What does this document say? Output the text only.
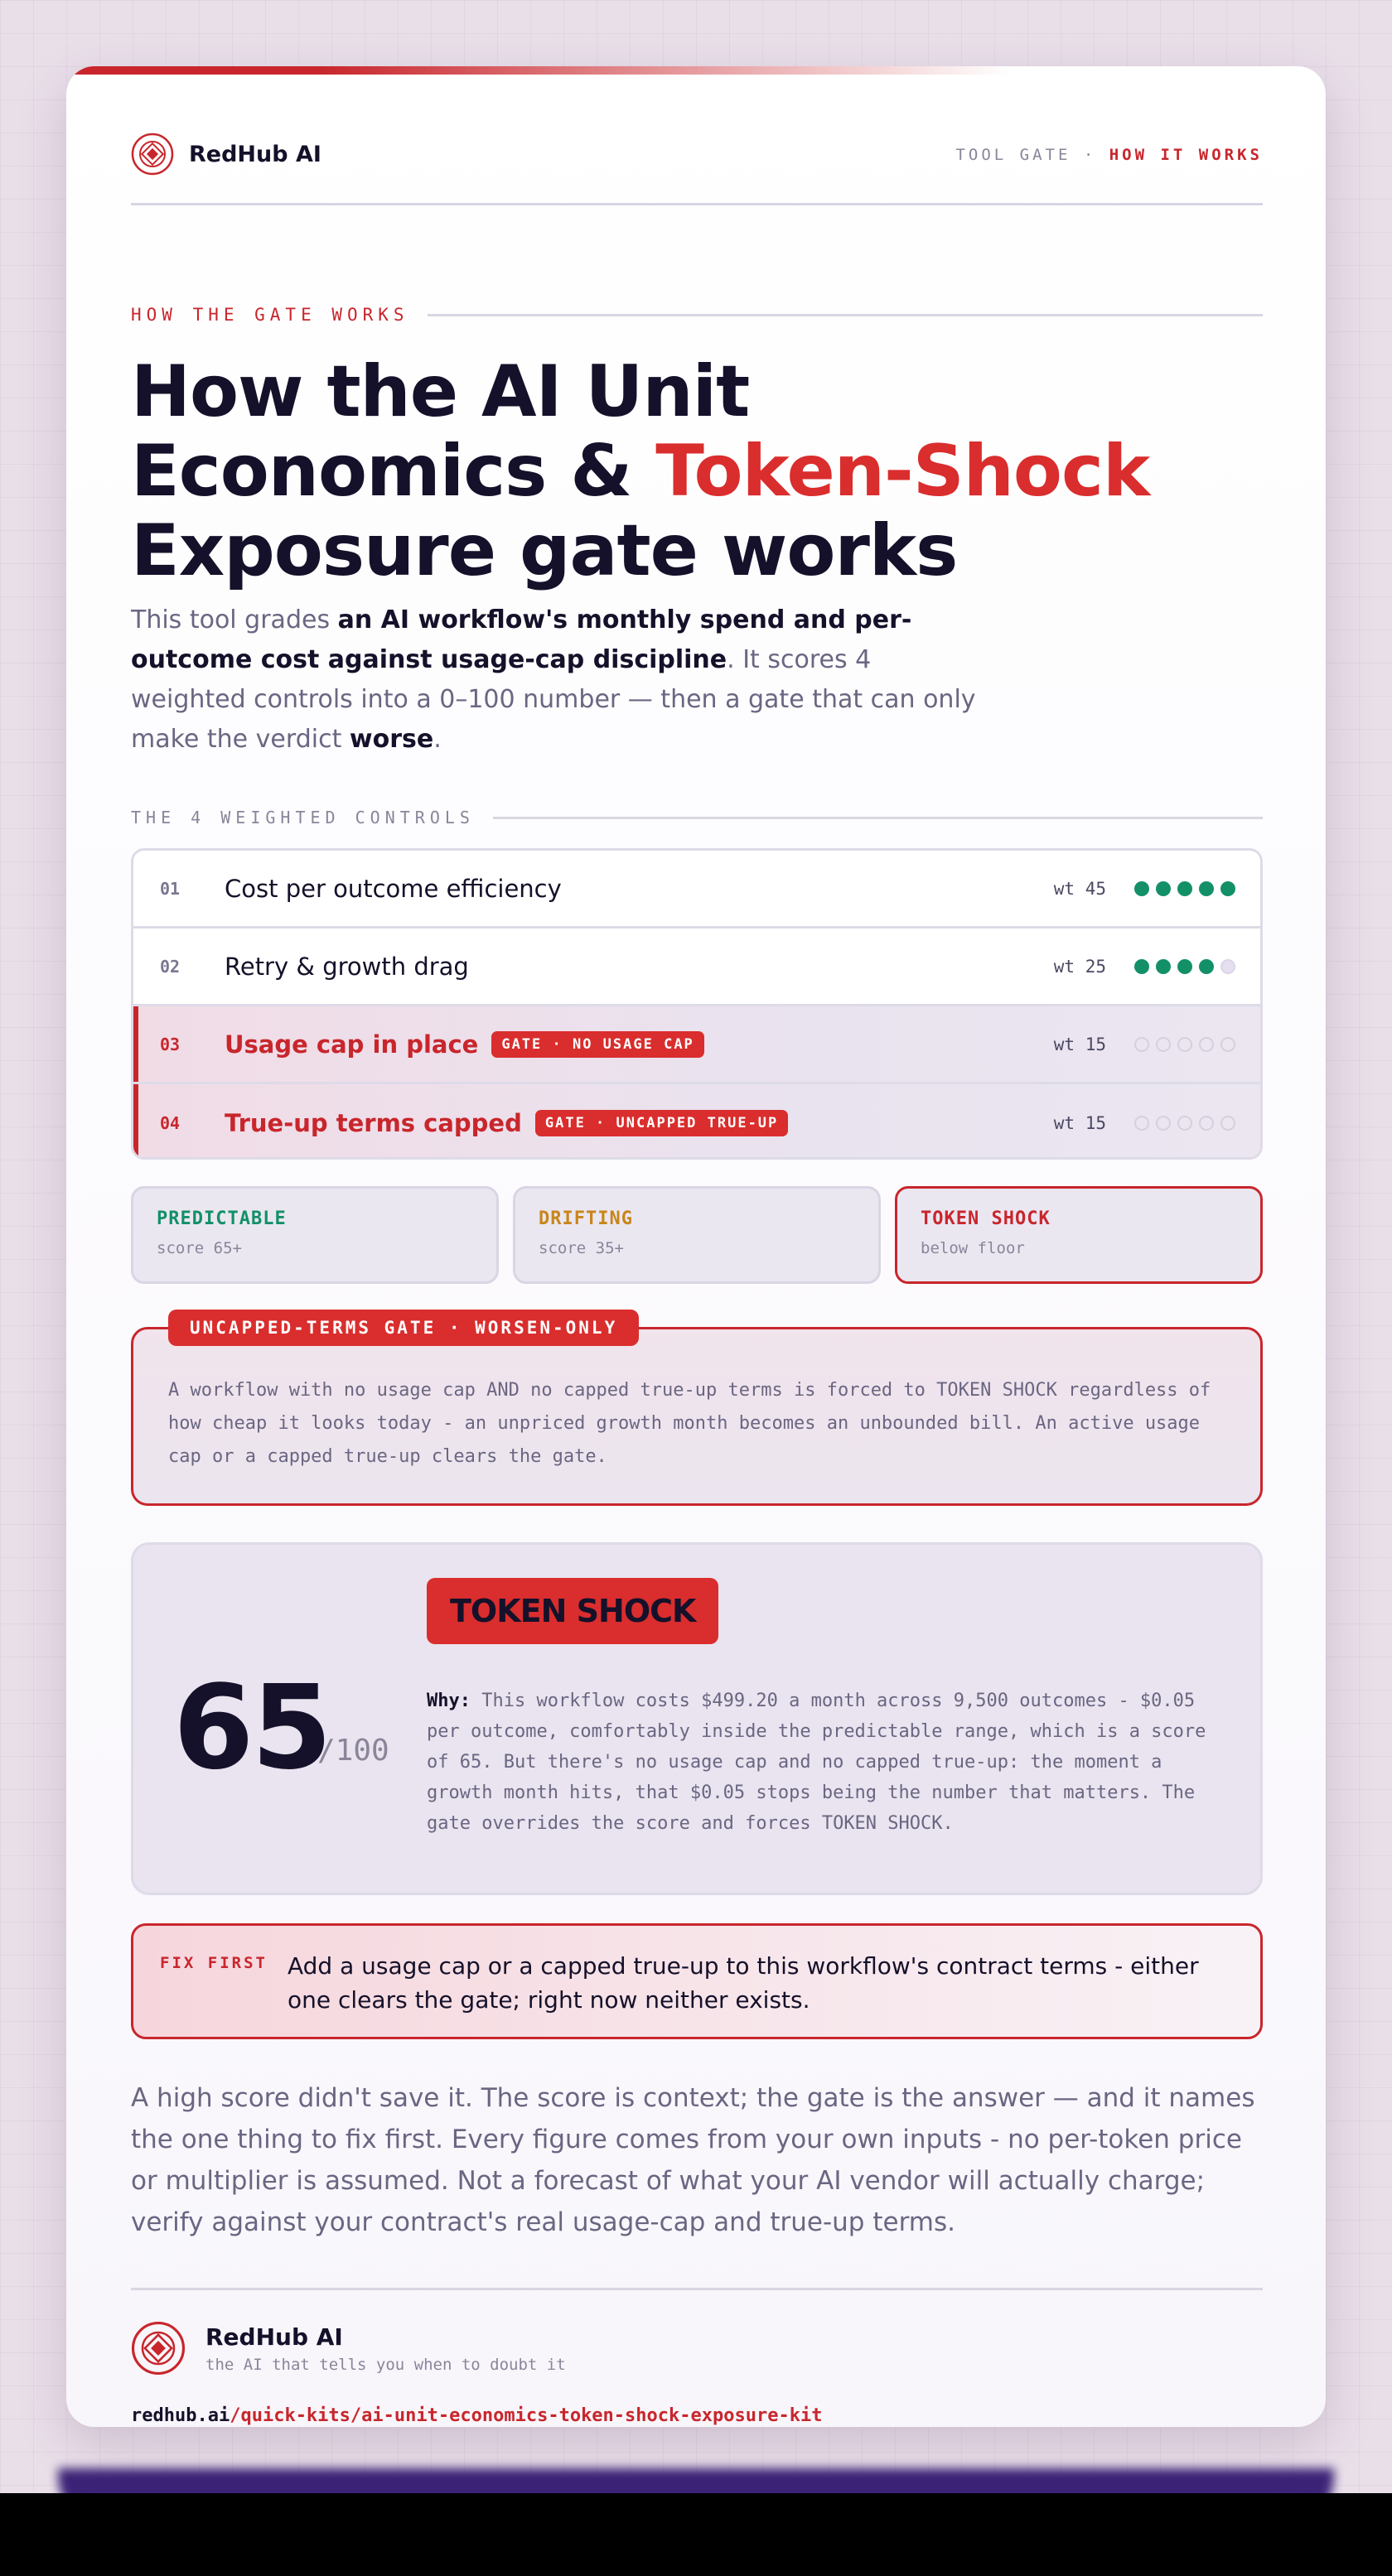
RedHub AI	TOOL GATE · HOW IT WORKS
HOW THE GATE WORKS
How the AI Unit
Economics & Token-Shock
Exposure gate works

This tool grades an AI workflow's monthly spend and per-outcome cost against usage-cap discipline. It scores 4 weighted controls into a 0–100 number — then a gate that can only make the verdict worse.

THE 4 WEIGHTED CONTROLS
01	Cost per outcome efficiency	wt 45
02	Retry & growth drag	wt 25
03	Usage cap in place	GATE · NO USAGE CAP	wt 15
04	True-up terms capped	GATE · UNCAPPED TRUE-UP	wt 15
PREDICTABLE
score 65+
DRIFTING
score 35+
TOKEN SHOCK
below floor
UNCAPPED-TERMS GATE · WORSEN-ONLY

A workflow with no usage cap AND no capped true-up terms is forced to TOKEN SHOCK regardless of how cheap it looks today - an unpriced growth month becomes an unbounded bill. An active usage cap or a capped true-up clears the gate.

65
/100
TOKEN SHOCK

Why: This workflow costs $499.20 a month across 9,500 outcomes - $0.05 per outcome, comfortably inside the predictable range, which is a score of 65. But there's no usage cap and no capped true-up: the moment a growth month hits, that $0.05 stops being the number that matters. The gate overrides the score and forces TOKEN SHOCK.

FIX FIRST Add a usage cap or a capped true-up to this workflow's contract terms - either one clears the gate; right now neither exists.

A high score didn't save it. The score is context; the gate is the answer — and it names the one thing to fix first. Every figure comes from your own inputs - no per-token price or multiplier is assumed. Not a forecast of what your AI vendor will actually charge; verify against your contract's real usage-cap and true-up terms.

RedHub AI
the AI that tells you when to doubt it
redhub.ai/quick-kits/ai-unit-economics-token-shock-exposure-kit
